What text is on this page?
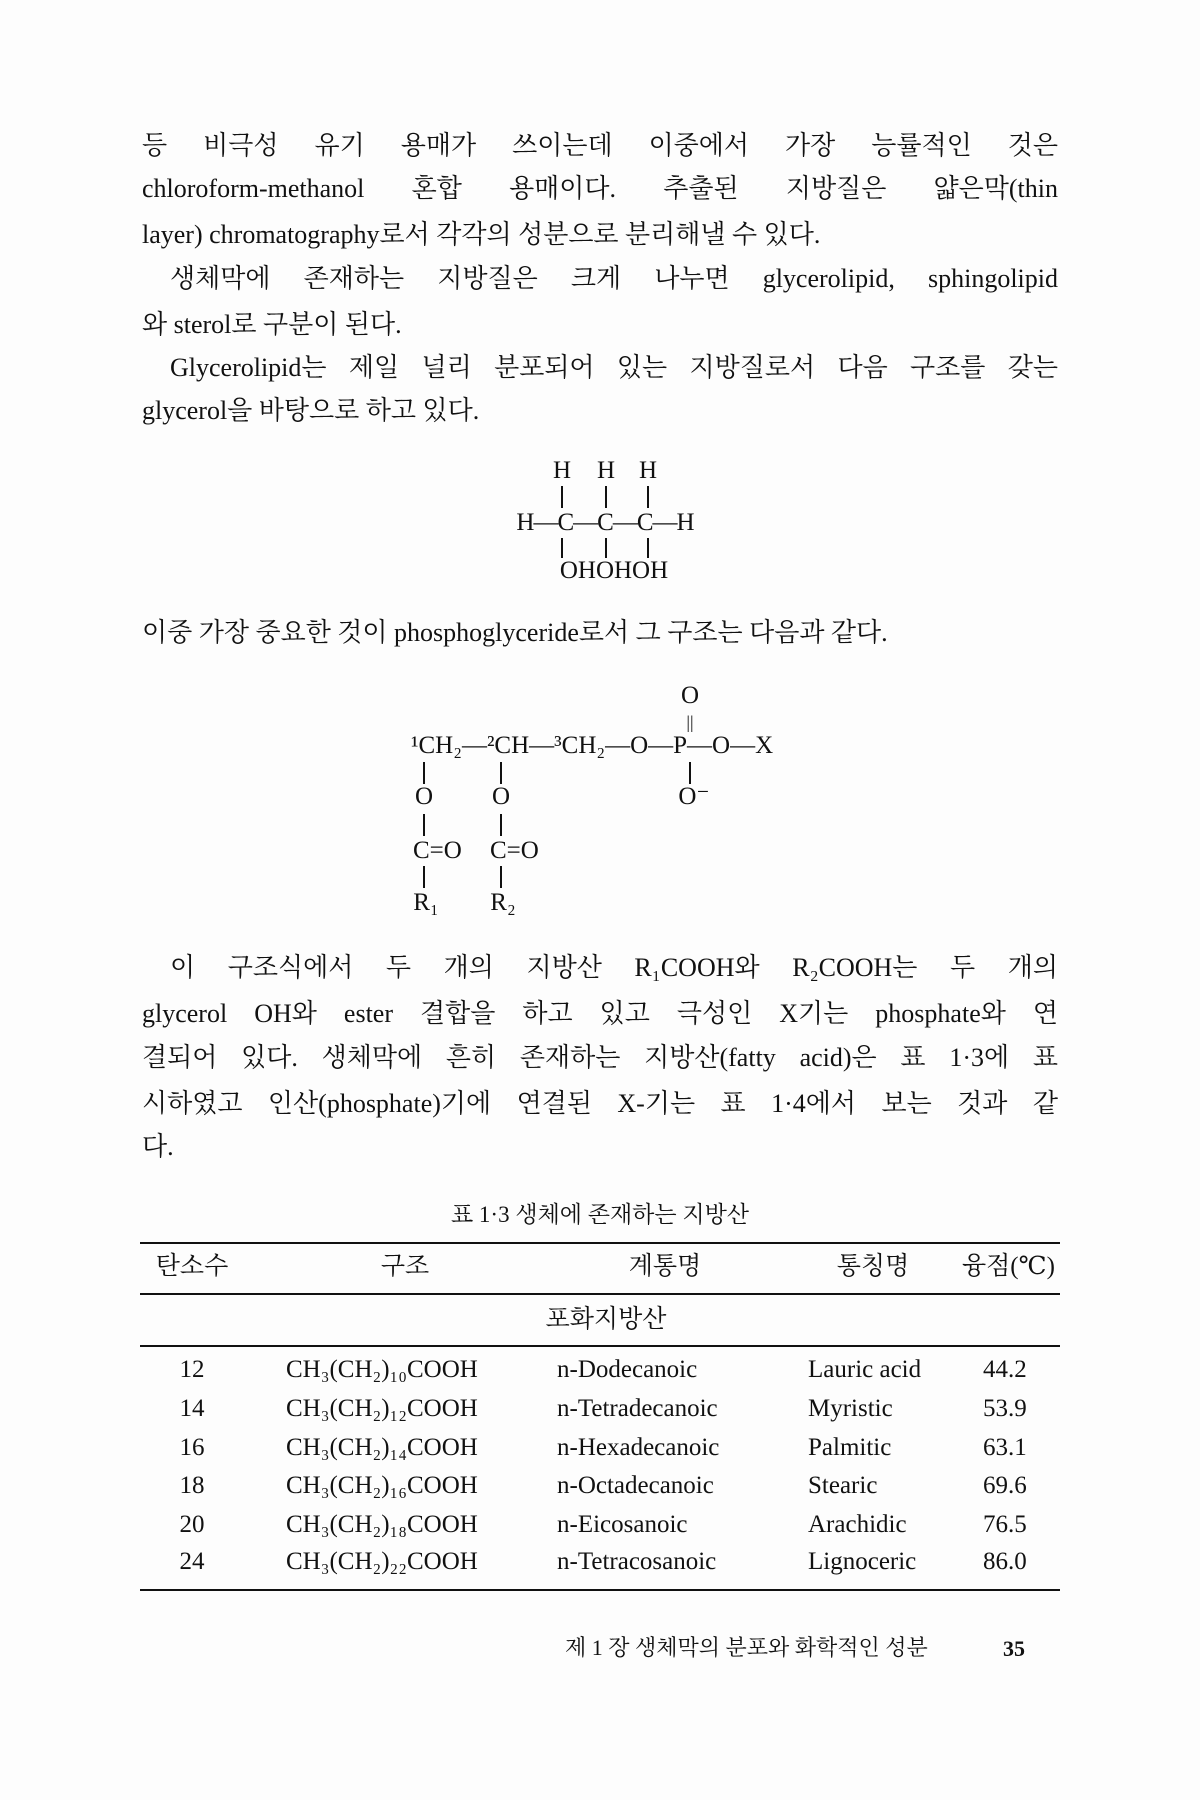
등 비극성 유기 용매가 쓰이는데 이중에서 가장 능률적인 것은
chloroform-methanol 혼합 용매이다. 추출된 지방질은 얇은막(thin
layer) chromatography로서 각각의 성분으로 분리해낼 수 있다.
생체막에 존재하는 지방질은 크게 나누면 glycerolipid, sphingolipid
와 sterol로 구분이 된다.
Glycerolipid는 제일 널리 분포되어 있는 지방질로서 다음 구조를 갖는
glycerol을 바탕으로 하고 있다.
H H H
H—C—C—C—H
OHOHOH
이중 가장 중요한 것이 phosphoglyceride로서 그 구조는 다음과 같다.
O
||
¹CH₂—²CH—³CH₂—O—P—O—X
O O	O⁻
C=O C=O
R₁ R₂
이 구조식에서 두 개의 지방산 R₁COOH와 R₂COOH는 두 개의
glycerol OH와 ester 결합을 하고 있고 극성인 X기는 phosphate와 연
결되어 있다. 생체막에 흔히 존재하는 지방산(fatty acid)은 표 1·3에 표
시하였고 인산(phosphate)기에 연결된 X-기는 표 1·4에서 보는 것과 같
다.
표 1·3 생체에 존재하는 지방산
탄소수	구조	계통명	통칭명 융점(℃)
포화지방산
12	CH₃(CH₂)₁₀COOH	n-Dodecanoic	Lauric acid 44.2
14	CH₃(CH₂)₁₂COOH	n-Tetradecanoic	Myristic	53.9
16	CH₃(CH₂)₁₄COOH	n-Hexadecanoic	Palmitic	63.1
18	CH₃(CH₂)₁₆COOH	n-Octadecanoic	Stearic	69.6
20	CH₃(CH₂)₁₈COOH	n-Eicosanoic	Arachidic	76.5
24	CH₃(CH₂)₂₂COOH	n-Tetracosanoic	Lignoceric	86.0
제 1 장 생체막의 분포와 화학적인 성분	35
